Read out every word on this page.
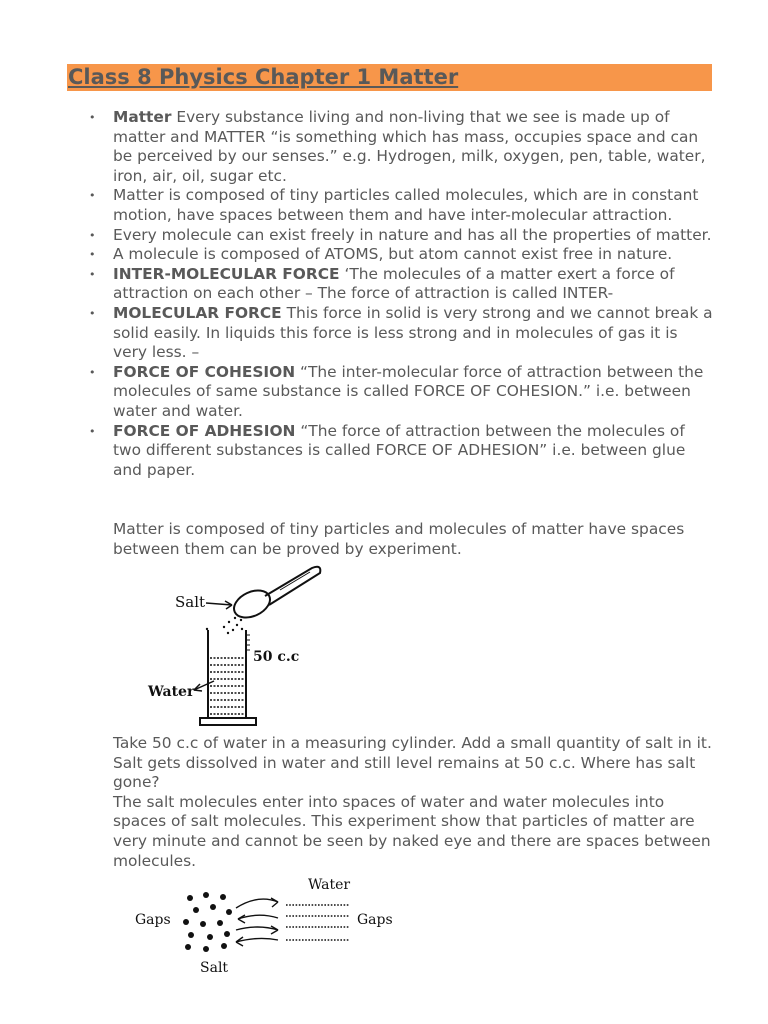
Class 8 Physics Chapter 1 Matter
• Matter Every substance living and non-living that we see is made up of matter and MATTER “is something which has mass, occupies space and can be perceived by our senses.” e.g. Hydrogen, milk, oxygen, pen, table, water, iron, air, oil, sugar etc.
• Matter is composed of tiny particles called molecules, which are in constant motion, have spaces between them and have inter-molecular attraction.
• Every molecule can exist freely in nature and has all the properties of matter.
• A molecule is composed of ATOMS, but atom cannot exist free in nature.
• INTER-MOLECULAR FORCE ‘The molecules of a matter exert a force of attraction on each other – The force of attraction is called INTER-
• MOLECULAR FORCE This force in solid is very strong and we cannot break a solid easily. In liquids this force is less strong and in molecules of gas it is very less. –
• FORCE OF COHESION “The inter-molecular force of attraction between the molecules of same substance is called FORCE OF COHESION.” i.e. between water and water.
• FORCE OF ADHESION “The force of attraction between the molecules of two different substances is called FORCE OF ADHESION” i.e. between glue and paper.

Matter is composed of tiny particles and molecules of matter have spaces between them can be proved by experiment.

Salt
50 c.c
Water

Take 50 c.c of water in a measuring cylinder. Add a small quantity of salt in it. Salt gets dissolved in water and still level remains at 50 c.c. Where has salt gone?
The salt molecules enter into spaces of water and water molecules into spaces of salt molecules. This experiment show that particles of matter are very minute and cannot be seen by naked eye and there are spaces between molecules.

Water
Gaps	Gaps
Salt
